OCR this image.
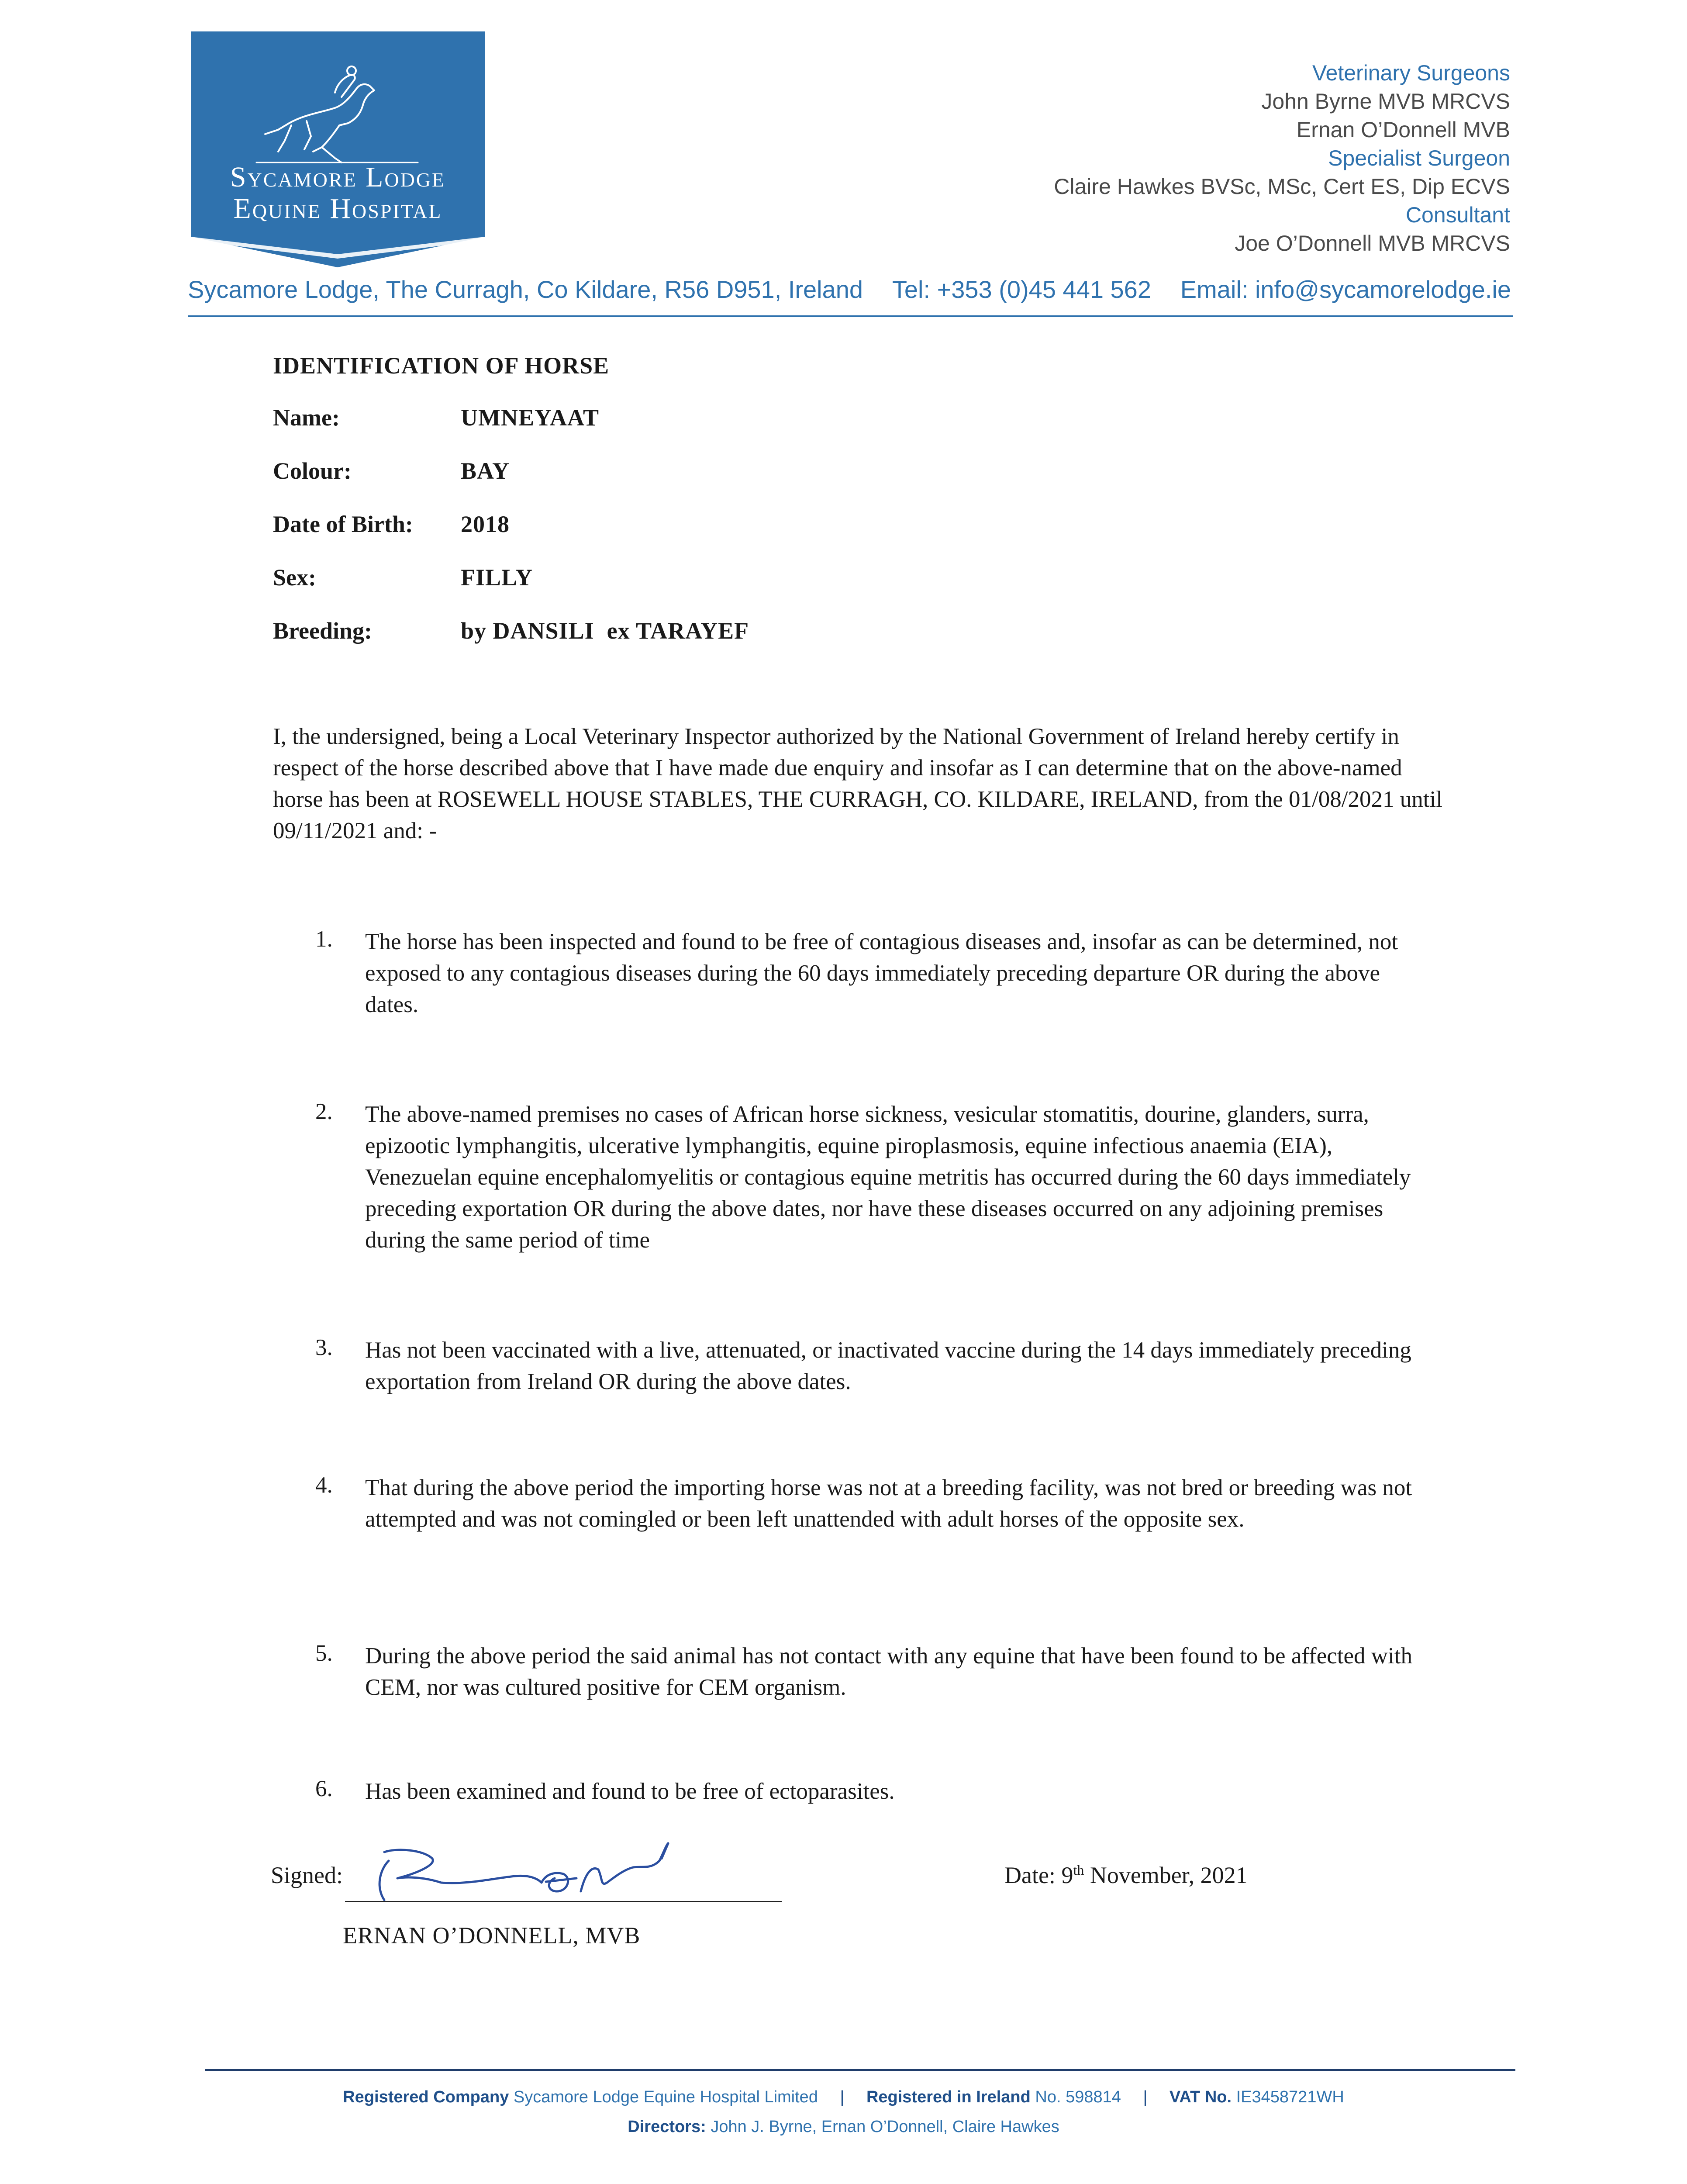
Sycamore Lodge
Equine Hospital
Veterinary Surgeons
John Byrne MVB MRCVS
Ernan O’Donnell MVB
Specialist Surgeon
Claire Hawkes BVSc, MSc, Cert ES, Dip ECVS
Consultant
Joe O’Donnell MVB MRCVS
Sycamore Lodge, The Curragh, Co Kildare, R56 D951, Ireland Tel: +353 (0)45 441 562 Email: info@sycamorelodge.ie
IDENTIFICATION OF HORSE
Name:	UMNEYAAT
Colour:	BAY
Date of Birth: 2018
Sex:	FILLY
Breeding:	by DANSILI  ex TARAYEF
I, the undersigned, being a Local Veterinary Inspector authorized by the National Government of Ireland hereby certify in respect of the horse described above that I have made due enquiry and insofar as I can determine that on the above-named horse has been at ROSEWELL HOUSE STABLES, THE CURRAGH, CO. KILDARE, IRELAND, from the 01/08/2021 until 09/11/2021 and: -
1. The horse has been inspected and found to be free of contagious diseases and, insofar as can be determined, not exposed to any contagious diseases during the 60 days immediately preceding departure OR during the above dates.
2. The above-named premises no cases of African horse sickness, vesicular stomatitis, dourine, glanders, surra, epizootic lymphangitis, ulcerative lymphangitis, equine piroplasmosis, equine infectious anaemia (EIA), Venezuelan equine encephalomyelitis or contagious equine metritis has occurred during the 60 days immediately preceding exportation OR during the above dates, nor have these diseases occurred on any adjoining premises during the same period of time
3. Has not been vaccinated with a live, attenuated, or inactivated vaccine during the 14 days immediately preceding exportation from Ireland OR during the above dates.
4. That during the above period the importing horse was not at a breeding facility, was not bred or breeding was not attempted and was not comingled or been left unattended with adult horses of the opposite sex.
5. During the above period the said animal has not contact with any equine that have been found to be affected with CEM, nor was cultured positive for CEM organism.
6. Has been examined and found to be free of ectoparasites.
Signed:
ERNAN O’DONNELL, MVB
Date: 9th November, 2021
Registered Company Sycamore Lodge Equine Hospital Limited | Registered in Ireland No. 598814 | VAT No. IE3458721WH
Directors: John J. Byrne, Ernan O’Donnell, Claire Hawkes
